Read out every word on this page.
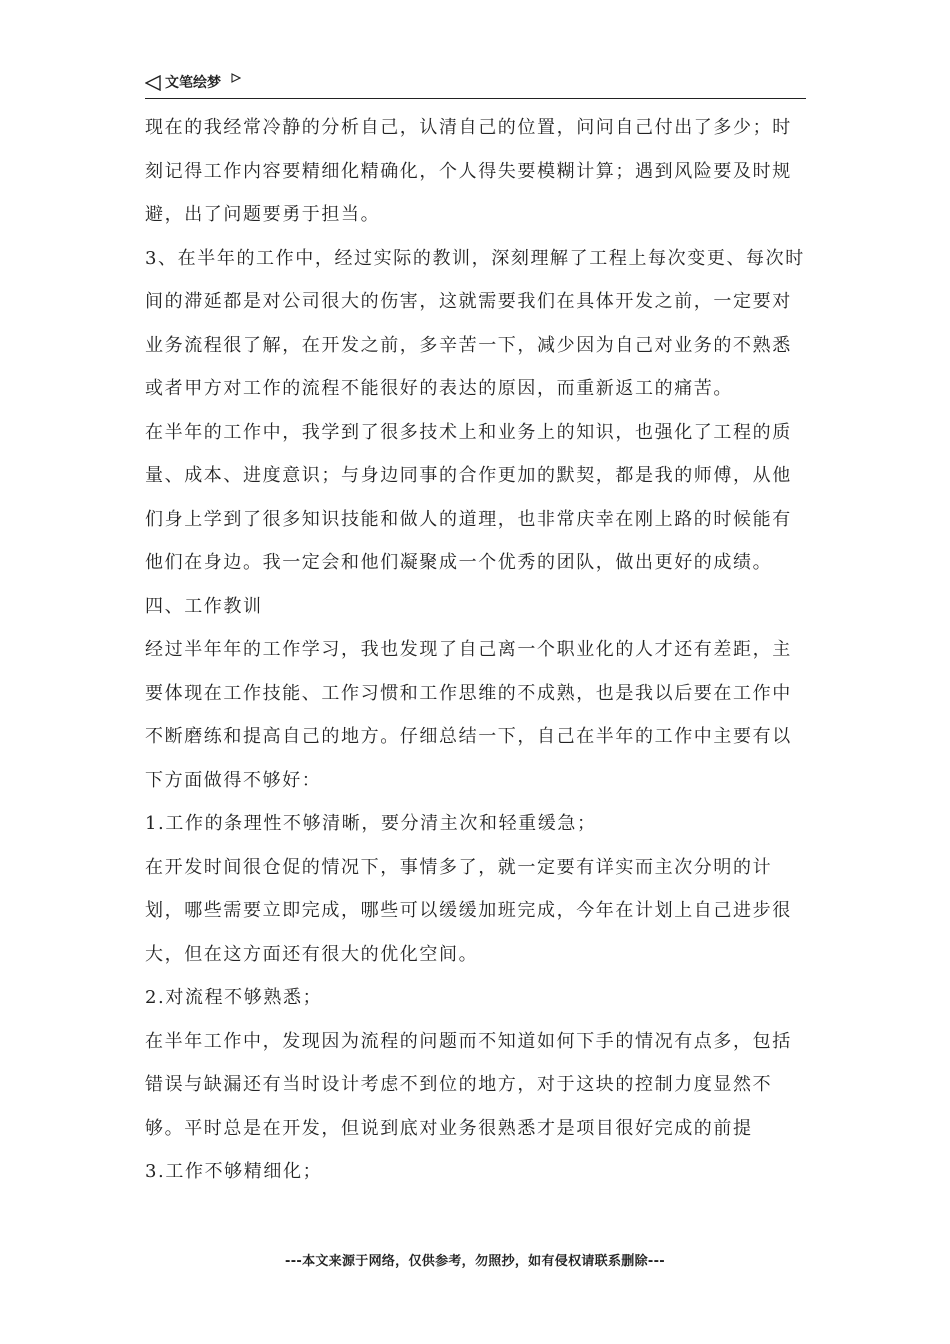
文笔绘梦

现在的我经常冷静的分析自己，认清自己的位置，问问自己付出了多少；时刻记得工作内容要精细化精确化，个人得失要模糊计算；遇到风险要及时规避，出了问题要勇于担当。

3、在半年的工作中，经过实际的教训，深刻理解了工程上每次变更、每次时间的滞延都是对公司很大的伤害，这就需要我们在具体开发之前，一定要对业务流程很了解，在开发之前，多辛苦一下，减少因为自己对业务的不熟悉或者甲方对工作的流程不能很好的表达的原因，而重新返工的痛苦。

在半年的工作中，我学到了很多技术上和业务上的知识，也强化了工程的质量、成本、进度意识；与身边同事的合作更加的默契，都是我的师傅，从他们身上学到了很多知识技能和做人的道理，也非常庆幸在刚上路的时候能有他们在身边。我一定会和他们凝聚成一个优秀的团队，做出更好的成绩。

四、工作教训

经过半年年的工作学习，我也发现了自己离一个职业化的人才还有差距，主要体现在工作技能、工作习惯和工作思维的不成熟，也是我以后要在工作中不断磨练和提高自己的地方。仔细总结一下，自己在半年的工作中主要有以下方面做得不够好：

1.工作的条理性不够清晰，要分清主次和轻重缓急；

在开发时间很仓促的情况下，事情多了，就一定要有详实而主次分明的计划，哪些需要立即完成，哪些可以缓缓加班完成，今年在计划上自己进步很大，但在这方面还有很大的优化空间。

2.对流程不够熟悉；

在半年工作中，发现因为流程的问题而不知道如何下手的情况有点多，包括错误与缺漏还有当时设计考虑不到位的地方，对于这块的控制力度显然不够。平时总是在开发，但说到底对业务很熟悉才是项目很好完成的前提

3.工作不够精细化；

---本文来源于网络，仅供参考，勿照抄，如有侵权请联系删除---
